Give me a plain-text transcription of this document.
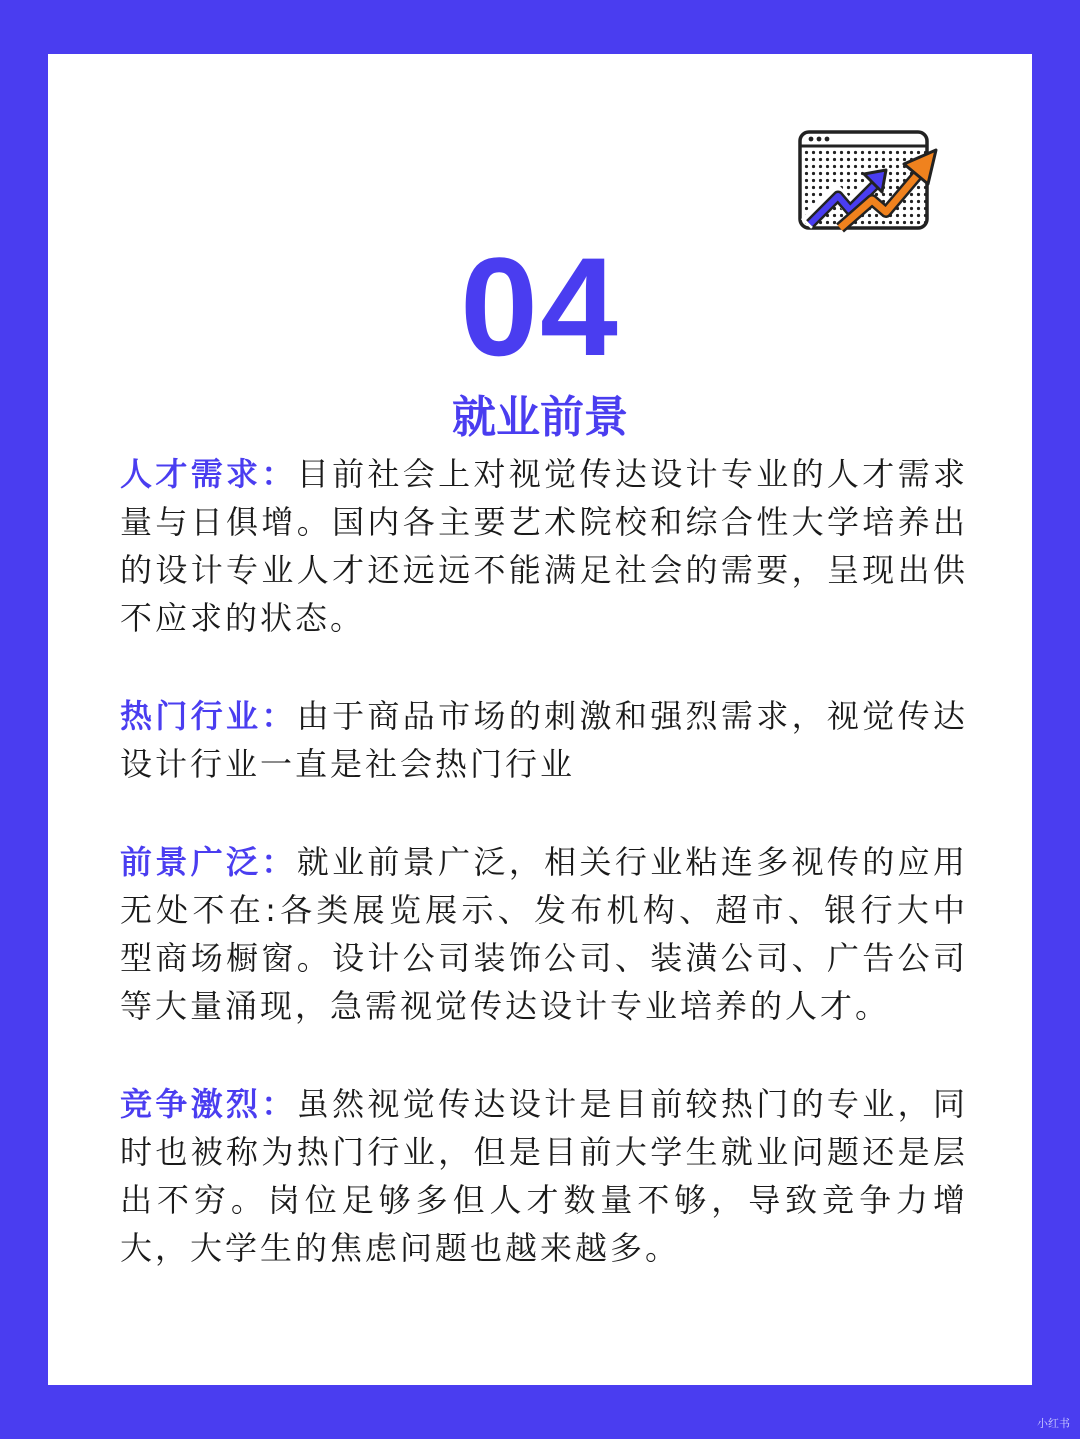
04
就业前景

人才需求：目前社会上对视觉传达设计专业的人才需求量与日俱增。国内各主要艺术院校和综合性大学培养出的设计专业人才还远远不能满足社会的需要，呈现出供不应求的状态。

热门行业：由于商品市场的刺激和强烈需求，视觉传达设计行业一直是社会热门行业

前景广泛：就业前景广泛，相关行业粘连多视传的应用无处不在:各类展览展示、发布机构、超市、银行大中型商场橱窗。设计公司装饰公司、装潢公司、广告公司等大量涌现，急需视觉传达设计专业培养的人才。

竞争激烈：虽然视觉传达设计是目前较热门的专业，同时也被称为热门行业，但是目前大学生就业问题还是层出不穷。岗位足够多但人才数量不够，导致竞争力增大，大学生的焦虑问题也越来越多。

小红书
